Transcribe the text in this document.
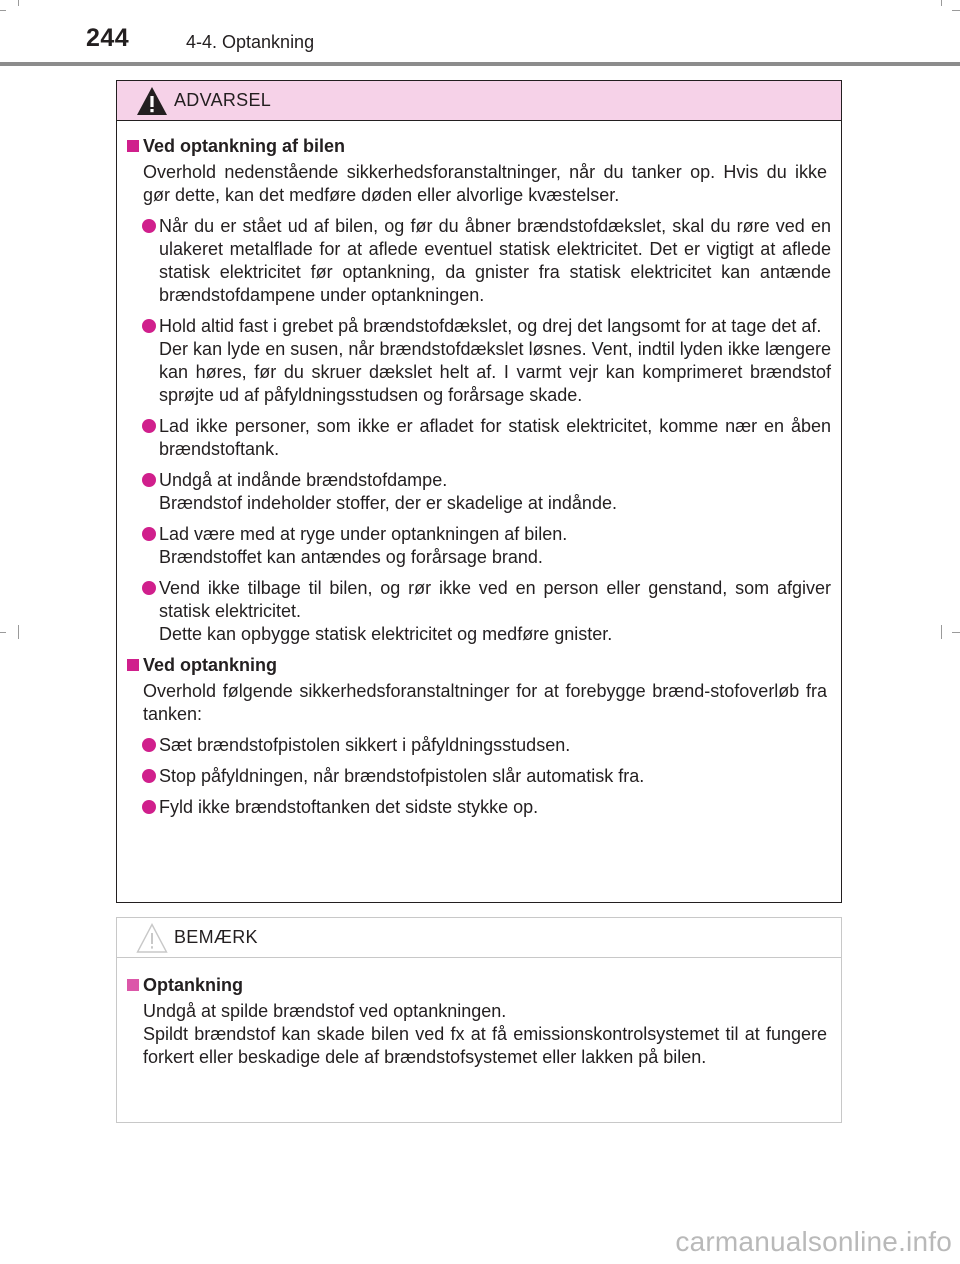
244	4-4. Optankning
ADVARSEL
Ved optankning af bilen
Overhold nedenstående sikkerhedsforanstaltninger, når du tanker op. Hvis du ikke gør dette, kan det medføre døden eller alvorlige kvæstelser.
Når du er stået ud af bilen, og før du åbner brændstofdækslet, skal du røre ved en ulakeret metalflade for at aflede eventuel statisk elektricitet. Det er vigtigt at aflede statisk elektricitet før optankning, da gnister fra statisk elektricitet kan antænde brændstofdampene under optankningen.
Hold altid fast i grebet på brændstofdækslet, og drej det langsomt for at tage det af.
Der kan lyde en susen, når brændstofdækslet løsnes. Vent, indtil lyden ikke længere kan høres, før du skruer dækslet helt af. I varmt vejr kan komprimeret brændstof sprøjte ud af påfyldningsstudsen og forårsage skade.
Lad ikke personer, som ikke er afladet for statisk elektricitet, komme nær en åben brændstoftank.
Undgå at indånde brændstofdampe.
Brændstof indeholder stoffer, der er skadelige at indånde.
Lad være med at ryge under optankningen af bilen.
Brændstoffet kan antændes og forårsage brand.
Vend ikke tilbage til bilen, og rør ikke ved en person eller genstand, som afgiver statisk elektricitet.
Dette kan opbygge statisk elektricitet og medføre gnister.
Ved optankning
Overhold følgende sikkerhedsforanstaltninger for at forebygge brænd-stofoverløb fra tanken:
Sæt brændstofpistolen sikkert i påfyldningsstudsen.
Stop påfyldningen, når brændstofpistolen slår automatisk fra.
Fyld ikke brændstoftanken det sidste stykke op.
BEMÆRK
Optankning
Undgå at spilde brændstof ved optankningen.
Spildt brændstof kan skade bilen ved fx at få emissionskontrolsystemet til at fungere forkert eller beskadige dele af brændstofsystemet eller lakken på bilen.
carmanualsonline.info
